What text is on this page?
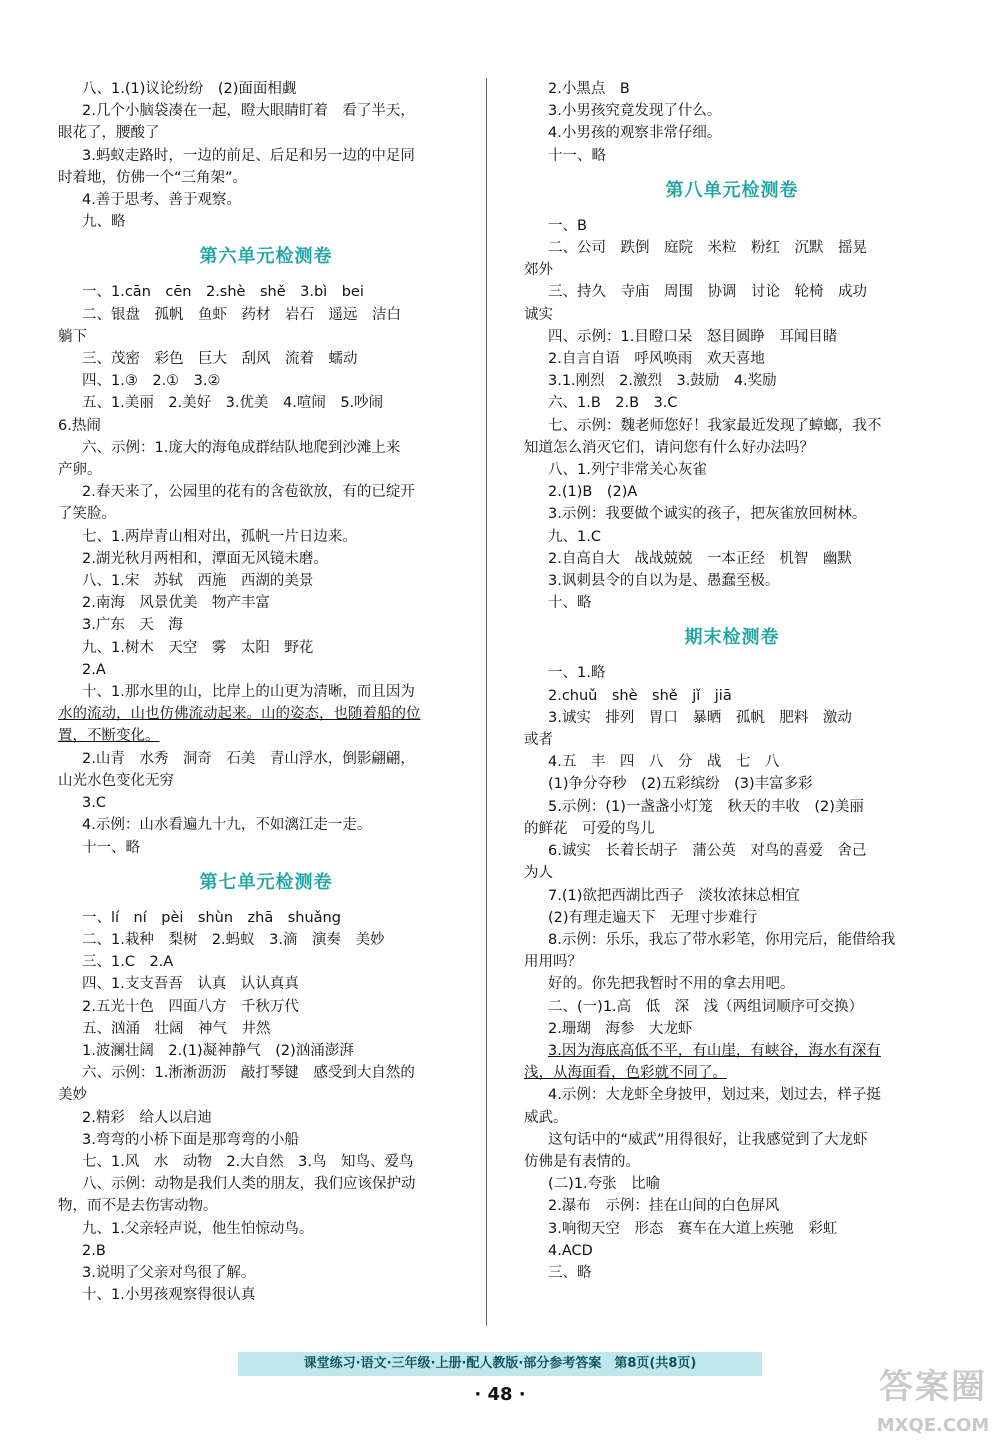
八、1.(1)议论纷纷　(2)面面相觑
2.几个小脑袋凑在一起，瞪大眼睛盯着　看了半天，
眼花了，腰酸了
3.蚂蚁走路时，一边的前足、后足和另一边的中足同
时着地，仿佛一个“三角架”。
4.善于思考、善于观察。
九、略
第六单元检测卷
一、1.cān　cēn　2.shè　shě　3.bì　bei
二、银盘　孤帆　鱼虾　药材　岩石　遥远　洁白
躺下
三、茂密　彩色　巨大　刮风　流着　蠕动
四、1.③　2.①　3.②
五、1.美丽　2.美好　3.优美　4.喧闹　5.吵闹
6.热闹
六、示例：1.庞大的海龟成群结队地爬到沙滩上来
产卵。
2.春天来了，公园里的花有的含苞欲放，有的已绽开
了笑脸。
七、1.两岸青山相对出，孤帆一片日边来。
2.湖光秋月两相和，潭面无风镜未磨。
八、1.宋　苏轼　西施　西湖的美景
2.南海　风景优美　物产丰富
3.广东　天　海
九、1.树木　天空　雾　太阳　野花
2.A
十、1.那水里的山，比岸上的山更为清晰，而且因为
水的流动，山也仿佛流动起来。山的姿态，也随着船的位
置，不断变化。
2.山青　水秀　洞奇　石美　青山浮水，倒影翩翩，
山光水色变化无穷
3.C
4.示例：山水看遍九十九，不如漓江走一走。
十一、略
第七单元检测卷
一、lí　ní　pèi　shùn　zhā　shuǎng
二、1.栽种　梨树　2.蚂蚁　3.滴　演奏　美妙
三、1.C　2.A
四、1.支支吾吾　认真　认认真真
2.五光十色　四面八方　千秋万代
五、汹涌　壮阔　神气　井然
1.波澜壮阔　2.(1)凝神静气　(2)汹涌澎湃
六、示例：1.淅淅沥沥　敲打琴键　感受到大自然的
美妙
2.精彩　给人以启迪
3.弯弯的小桥下面是那弯弯的小船
七、1.风　水　动物　2.大自然　3.鸟　知鸟、爱鸟
八、示例：动物是我们人类的朋友，我们应该保护动
物，而不是去伤害动物。
九、1.父亲轻声说，他生怕惊动鸟。
2.B
3.说明了父亲对鸟很了解。
十、1.小男孩观察得很认真
2.小黑点　B
3.小男孩究竟发现了什么。
4.小男孩的观察非常仔细。
十一、略
第八单元检测卷
一、B
二、公司　跌倒　庭院　米粒　粉红　沉默　摇晃
郊外
三、持久　寺庙　周围　协调　讨论　轮椅　成功
诚实
四、示例：1.目瞪口呆　怒目圆睁　耳闻目睹
2.自言自语　呼风唤雨　欢天喜地
3.1.刚烈　2.激烈　3.鼓励　4.奖励
六、1.B　2.B　3.C
七、示例：魏老师您好！我家最近发现了蟑螂，我不
知道怎么消灭它们，请问您有什么好办法吗？
八、1.列宁非常关心灰雀
2.(1)B　(2)A
3.示例：我要做个诚实的孩子，把灰雀放回树林。
九、1.C
2.自高自大　战战兢兢　一本正经　机智　幽默
3.讽刺县令的自以为是、愚蠢至极。
十、略
期末检测卷
一、1.略
2.chuǔ　shè　shě　jǐ　jiā
3.诚实　排列　胃口　暴晒　孤帆　肥料　激动
或者
4.五　丰　四　八　分　战　七　八
(1)争分夺秒　(2)五彩缤纷　(3)丰富多彩
5.示例：(1)一盏盏小灯笼　秋天的丰收　(2)美丽
的鲜花　可爱的鸟儿
6.诚实　长着长胡子　蒲公英　对鸟的喜爱　舍己
为人
7.(1)欲把西湖比西子　淡妆浓抹总相宜
(2)有理走遍天下　无理寸步难行
8.示例：乐乐，我忘了带水彩笔，你用完后，能借给我
用用吗？
好的。你先把我暂时不用的拿去用吧。
二、(一)1.高　低　深　浅（两组词顺序可交换）
2.珊瑚　海参　大龙虾
3.因为海底高低不平，有山崖，有峡谷，海水有深有
浅，从海面看，色彩就不同了。
4.示例：大龙虾全身披甲，划过来，划过去，样子挺
威武。
这句话中的“威武”用得很好，让我感觉到了大龙虾
仿佛是有表情的。
(二)1.夸张　比喻
2.瀑布　示例：挂在山间的白色屏风
3.响彻天空　形态　赛车在大道上疾驰　彩虹
4.ACD
三、略
课堂练习·语文·三年级·上册·配人教版·部分参考答案　第8页(共8页)
· 48 ·	答案圈
MXQE.COM
